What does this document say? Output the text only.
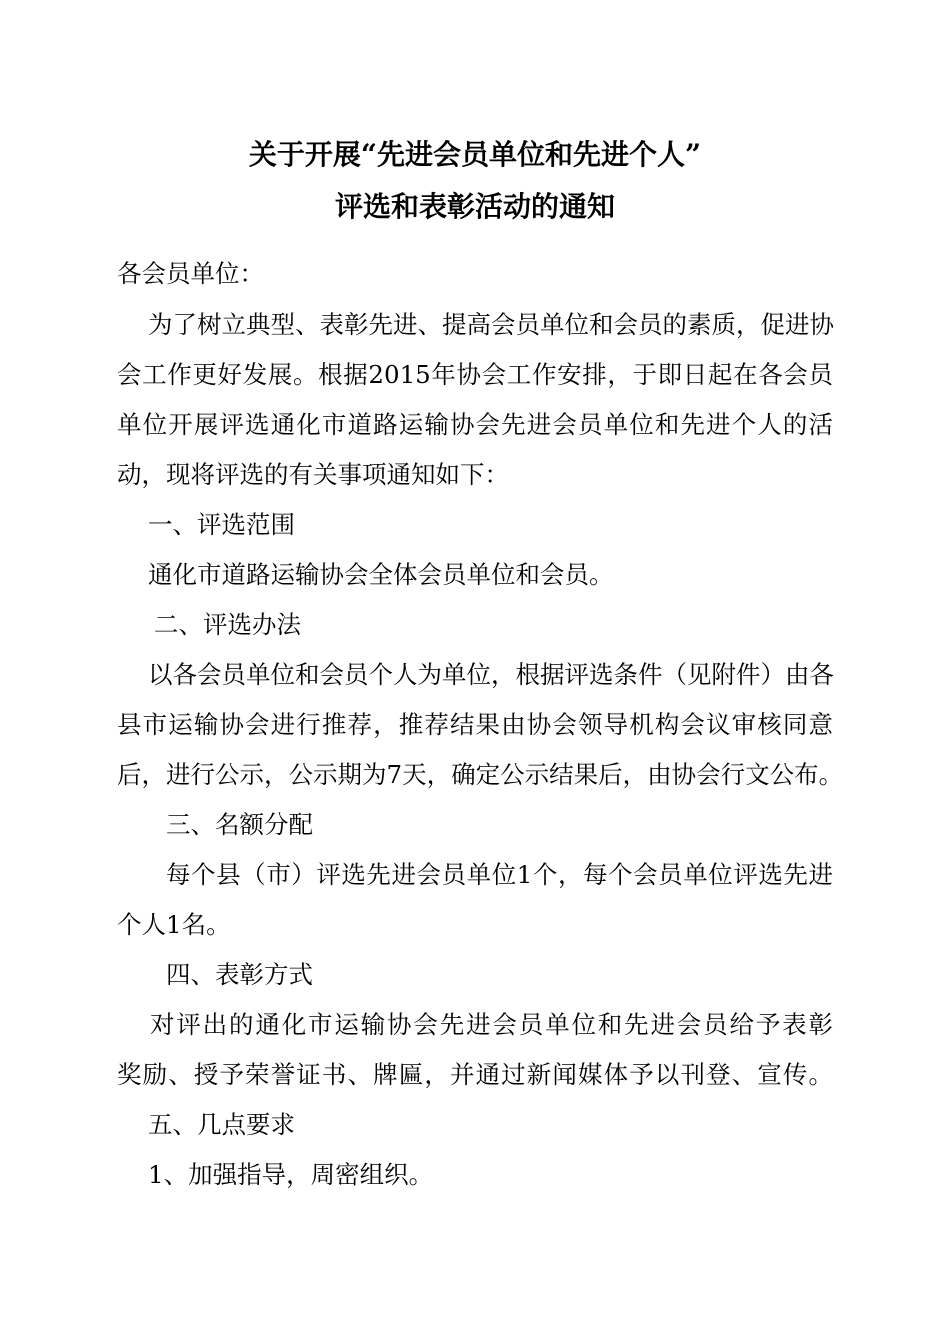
关于开展“先进会员单位和先进个人”
评选和表彰活动的通知
各会员单位：
为了树立典型、表彰先进、提高会员单位和会员的素质，促进协
会工作更好发展。根据2015年协会工作安排，于即日起在各会员
单位开展评选通化市道路运输协会先进会员单位和先进个人的活
动，现将评选的有关事项通知如下：
一、评选范围
通化市道路运输协会全体会员单位和会员。
二、评选办法
以各会员单位和会员个人为单位，根据评选条件（见附件）由各
县市运输协会进行推荐，推荐结果由协会领导机构会议审核同意
后，进行公示，公示期为7天，确定公示结果后，由协会行文公布。
三、名额分配
每个县（市）评选先进会员单位1个，每个会员单位评选先进
个人1名。
四、表彰方式
对评出的通化市运输协会先进会员单位和先进会员给予表彰
奖励、授予荣誉证书、牌匾，并通过新闻媒体予以刊登、宣传。
五、几点要求
1、加强指导，周密组织。
